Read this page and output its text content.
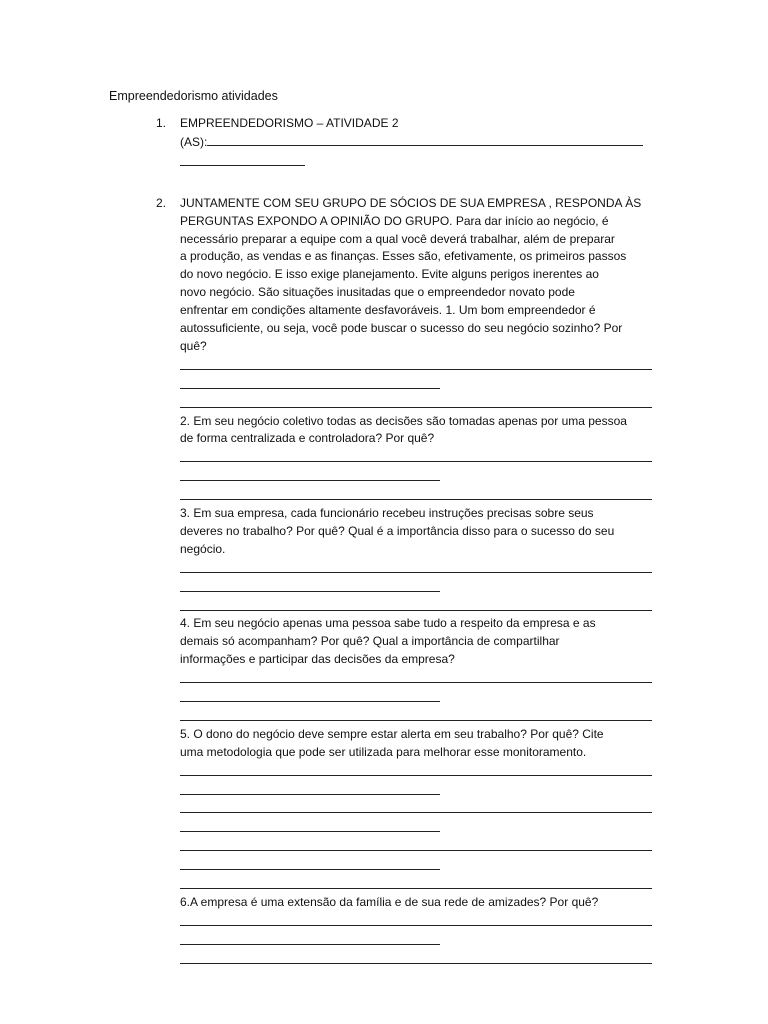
Empreendedorismo atividades
1. EMPREENDEDORISMO – ATIVIDADE 2
(AS):
2. JUNTAMENTE COM SEU GRUPO DE SÓCIOS DE SUA EMPRESA , RESPONDA ÀS
PERGUNTAS EXPONDO A OPINIÃO DO GRUPO. Para dar início ao negócio, é
necessário preparar a equipe com a qual você deverá trabalhar, além de preparar
a produção, as vendas e as finanças. Esses são, efetivamente, os primeiros passos
do novo negócio. E isso exige planejamento. Evite alguns perigos inerentes ao
novo negócio. São situações inusitadas que o empreendedor novato pode
enfrentar em condições altamente desfavoráveis. 1. Um bom empreendedor é
autossuficiente, ou seja, você pode buscar o sucesso do seu negócio sozinho? Por
quê?
2. Em seu negócio coletivo todas as decisões são tomadas apenas por uma pessoa
de forma centralizada e controladora? Por quê?
3. Em sua empresa, cada funcionário recebeu instruções precisas sobre seus
deveres no trabalho? Por quê? Qual é a importância disso para o sucesso do seu
negócio.
4. Em seu negócio apenas uma pessoa sabe tudo a respeito da empresa e as
demais só acompanham? Por quê? Qual a importância de compartilhar
informações e participar das decisões da empresa?
5. O dono do negócio deve sempre estar alerta em seu trabalho? Por quê? Cite
uma metodologia que pode ser utilizada para melhorar esse monitoramento.
6.A empresa é uma extensão da família e de sua rede de amizades? Por quê?
